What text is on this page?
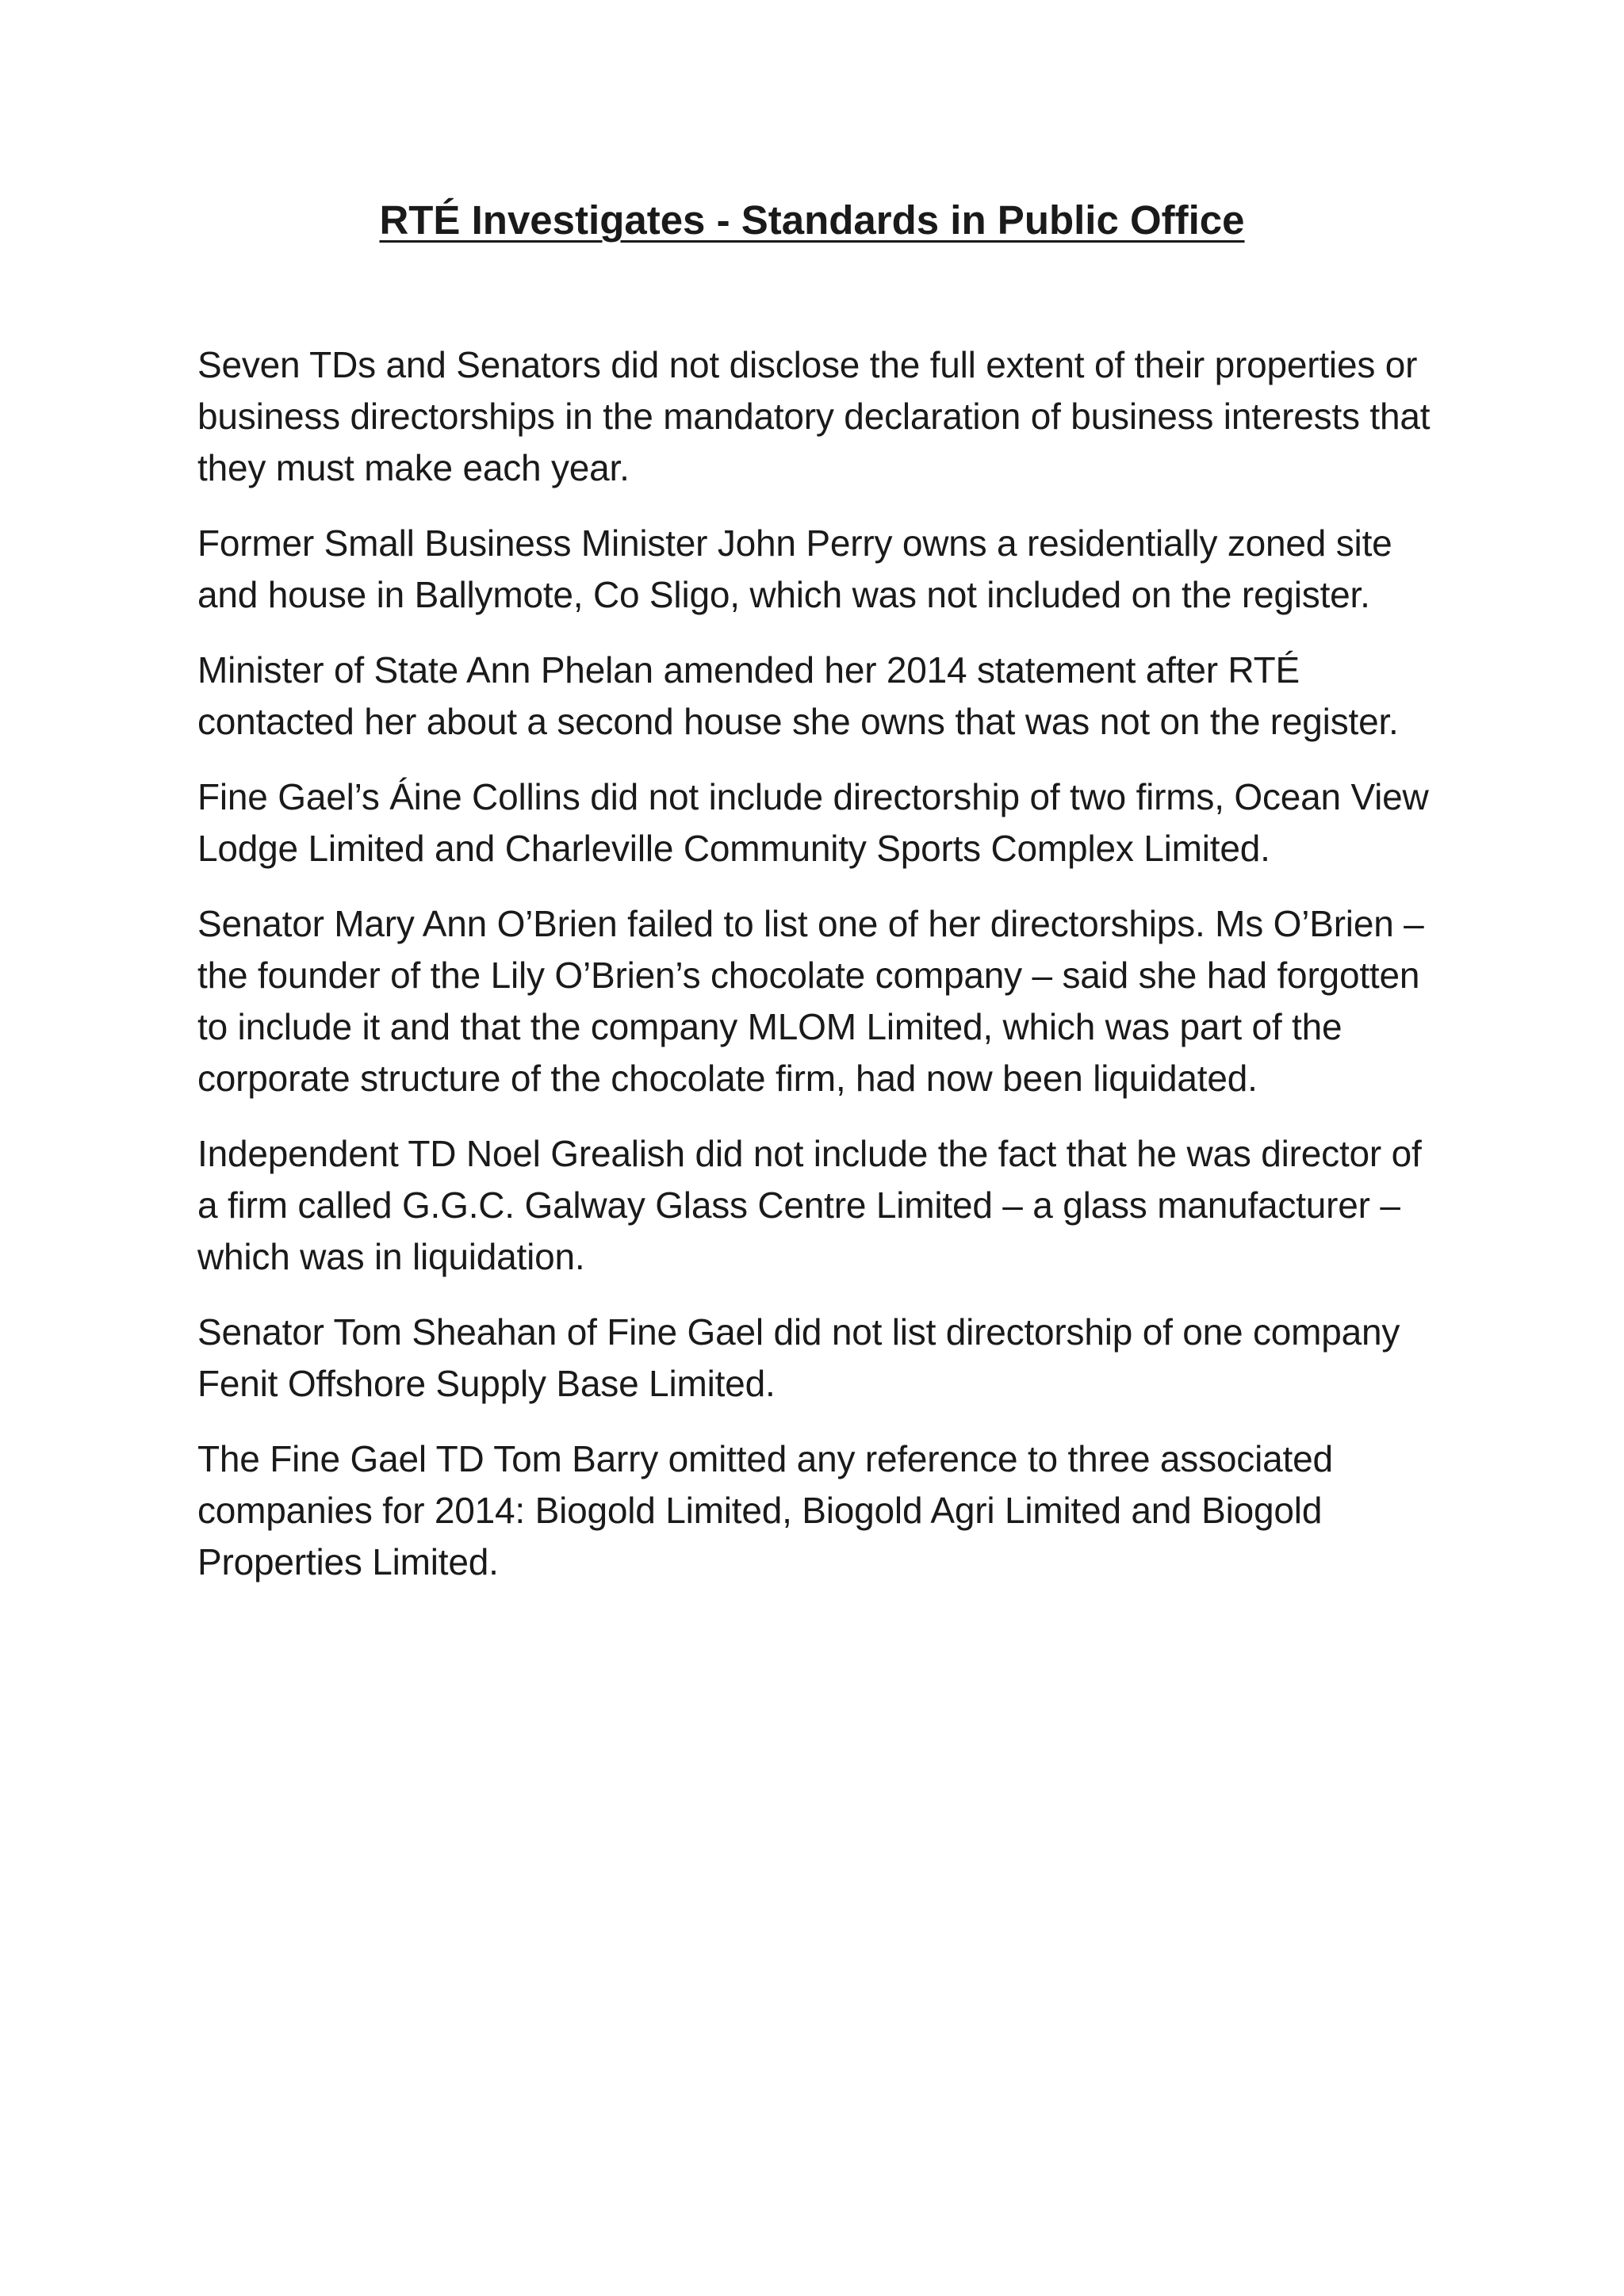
RTÉ Investigates - Standards in Public Office

Seven TDs and Senators did not disclose the full extent of their properties or business directorships in the mandatory declaration of business interests that they must make each year.

Former Small Business Minister John Perry owns a residentially zoned site and house in Ballymote, Co Sligo, which was not included on the register.

Minister of State Ann Phelan amended her 2014 statement after RTÉ contacted her about a second house she owns that was not on the register.

Fine Gael’s Áine Collins did not include directorship of two firms, Ocean View Lodge Limited and Charleville Community Sports Complex Limited.

Senator Mary Ann O’Brien failed to list one of her directorships. Ms O’Brien – the founder of the Lily O’Brien’s chocolate company – said she had forgotten to include it and that the company MLOM Limited, which was part of the corporate structure of the chocolate firm, had now been liquidated.

Independent TD Noel Grealish did not include the fact that he was director of a firm called G.G.C. Galway Glass Centre Limited – a glass manufacturer – which was in liquidation.

Senator Tom Sheahan of Fine Gael did not list directorship of one company Fenit Offshore Supply Base Limited.

The Fine Gael TD Tom Barry omitted any reference to three associated companies for 2014: Biogold Limited, Biogold Agri Limited and Biogold Properties Limited.
